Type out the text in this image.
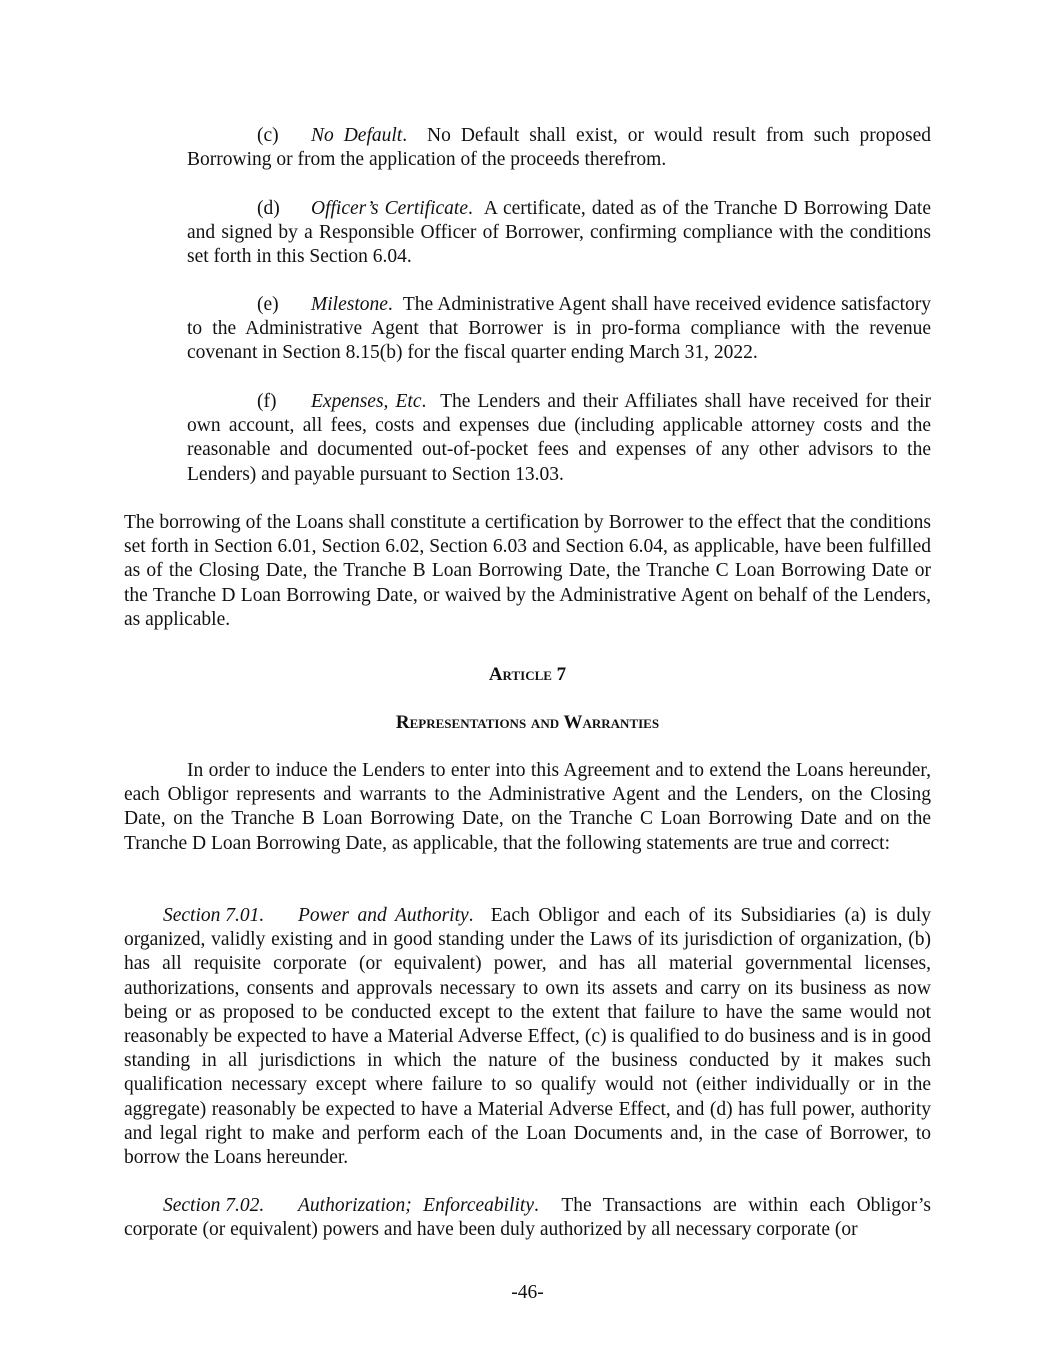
(c) No Default.  No Default shall exist, or would result from such proposed Borrowing or from the application of the proceeds therefrom.

(d) Officer’s Certificate.  A certificate, dated as of the Tranche D Borrowing Date and signed by a Responsible Officer of Borrower, confirming compliance with the conditions set forth in this Section 6.04.

(e) Milestone.  The Administrative Agent shall have received evidence satisfactory to the Administrative Agent that Borrower is in pro-forma compliance with the revenue covenant in Section 8.15(b) for the fiscal quarter ending March 31, 2022.

(f) Expenses, Etc.  The Lenders and their Affiliates shall have received for their own account, all fees, costs and expenses due (including applicable attorney costs and the reasonable and documented out-of-pocket fees and expenses of any other advisors to the Lenders) and payable pursuant to Section 13.03.

The borrowing of the Loans shall constitute a certification by Borrower to the effect that the conditions set forth in Section 6.01, Section 6.02, Section 6.03 and Section 6.04, as applicable, have been fulfilled as of the Closing Date, the Tranche B Loan Borrowing Date, the Tranche C Loan Borrowing Date or the Tranche D Loan Borrowing Date, or waived by the Administrative Agent on behalf of the Lenders, as applicable.

Article 7

Representations and Warranties

In order to induce the Lenders to enter into this Agreement and to extend the Loans hereunder, each Obligor represents and warrants to the Administrative Agent and the Lenders, on the Closing Date, on the Tranche B Loan Borrowing Date, on the Tranche C Loan Borrowing Date and on the Tranche D Loan Borrowing Date, as applicable, that the following statements are true and correct:

Section 7.01. Power and Authority.  Each Obligor and each of its Subsidiaries (a) is duly organized, validly existing and in good standing under the Laws of its jurisdiction of organization, (b) has all requisite corporate (or equivalent) power, and has all material governmental licenses, authorizations, consents and approvals necessary to own its assets and carry on its business as now being or as proposed to be conducted except to the extent that failure to have the same would not reasonably be expected to have a Material Adverse Effect, (c) is qualified to do business and is in good standing in all jurisdictions in which the nature of the business conducted by it makes such qualification necessary except where failure to so qualify would not (either individually or in the aggregate) reasonably be expected to have a Material Adverse Effect, and (d) has full power, authority and legal right to make and perform each of the Loan Documents and, in the case of Borrower, to borrow the Loans hereunder.

Section 7.02. Authorization; Enforceability.  The Transactions are within each Obligor’s corporate (or equivalent) powers and have been duly authorized by all necessary corporate (or

-46-
